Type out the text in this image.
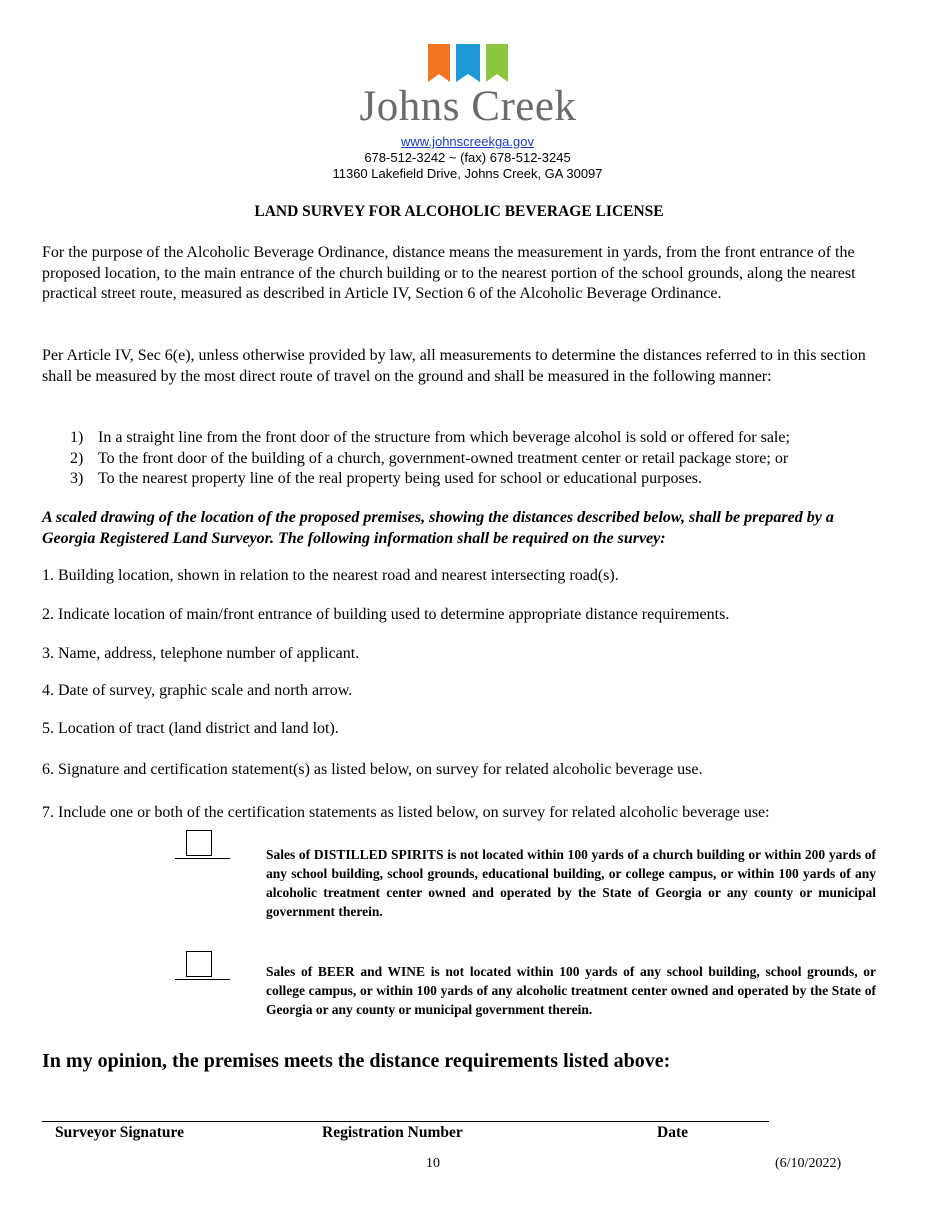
Johns Creek
www.johnscreekga.gov
678-512-3242 ~ (fax) 678-512-3245
11360 Lakefield Drive, Johns Creek, GA 30097
LAND SURVEY FOR ALCOHOLIC BEVERAGE LICENSE
For the purpose of the Alcoholic Beverage Ordinance, distance means the measurement in yards, from the front entrance of the proposed location, to the main entrance of the church building or to the nearest portion of the school grounds, along the nearest practical street route, measured as described in Article IV, Section 6 of the Alcoholic Beverage Ordinance.
Per Article IV, Sec 6(e), unless otherwise provided by law, all measurements to determine the distances referred to in this section shall be measured by the most direct route of travel on the ground and shall be measured in the following manner:
1) In a straight line from the front door of the structure from which beverage alcohol is sold or offered for sale;
2) To the front door of the building of a church, government-owned treatment center or retail package store; or
3) To the nearest property line of the real property being used for school or educational purposes.
A scaled drawing of the location of the proposed premises, showing the distances described below, shall be prepared by a Georgia Registered Land Surveyor. The following information shall be required on the survey:
1. Building location, shown in relation to the nearest road and nearest intersecting road(s).
2. Indicate location of main/front entrance of building used to determine appropriate distance requirements.
3. Name, address, telephone number of applicant.
4. Date of survey, graphic scale and north arrow.
5. Location of tract (land district and land lot).
6. Signature and certification statement(s) as listed below, on survey for related alcoholic beverage use.
7. Include one or both of the certification statements as listed below, on survey for related alcoholic beverage use:
Sales of DISTILLED SPIRITS is not located within 100 yards of a church building or within 200 yards of any school building, school grounds, educational building, or college campus, or within 100 yards of any alcoholic treatment center owned and operated by the State of Georgia or any county or municipal government therein.
Sales of BEER and WINE is not located within 100 yards of any school building, school grounds, or college campus, or within 100 yards of any alcoholic treatment center owned and operated by the State of Georgia or any county or municipal government therein.
In my opinion, the premises meets the distance requirements listed above:
Surveyor Signature	Registration Number	Date
10	(6/10/2022)
